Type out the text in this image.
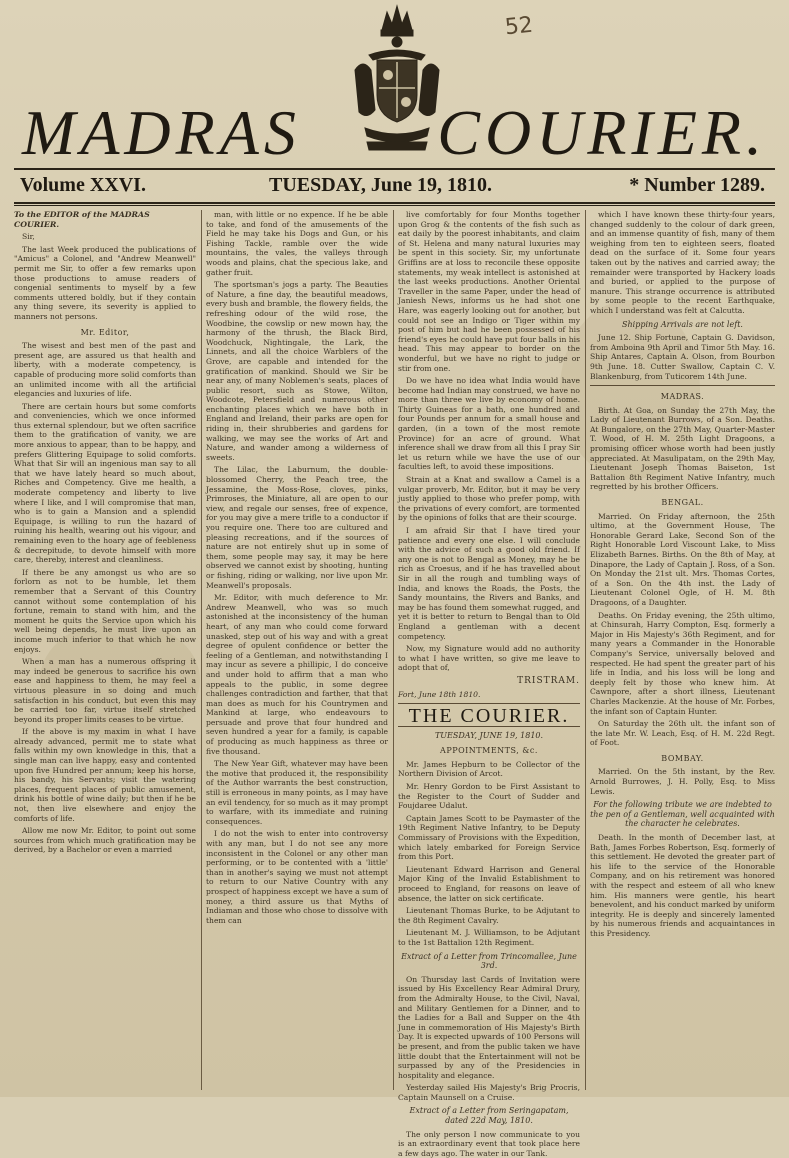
52
MADRAS COURIER.
Volume XXVI.	TUESDAY, June 19, 1810.	* Number 1289.

To the EDITOR of the MADRAS COURIER.

Sir,

The last Week produced the publications of "Amicus" a Colonel, and "Andrew Meanwell" permit me Sir, to offer a few remarks upon those productions to amuse readers of congenial sentiments to myself by a few comments uttered boldly, but if they contain any thing severe, its severity is applied to manners not persons.

Mr. Editor,

The wisest and best men of the past and present age, are assured us that health and liberty, with a moderate competency, is capable of producing more solid comforts than an unlimited income with all the artificial elegancies and luxuries of life.

There are certain hours but some comforts and conveniencies, which we once informed thus external splendour, but we often sacrifice them to the gratification of vanity, we are more anxious to appear, than to be happy, and prefers Glittering Equipage to solid comforts. What that Sir will an ingenious man say to all that we have lately heard so much about, Riches and Competency. Give me health, a moderate competency and liberty to live where I like, and I will compromise that man, who is to gain a Mansion and a splendid Equipage, is willing to run the hazard of ruining his health, wearing out his vigour, and remaining even to the hoary age of feebleness & decrepitude, to devote himself with more care, thereby, interest and cleanliness.

If there be any amongst us who are so forlorn as not to be humble, let them remember that a Servant of this Country cannot without some contemplation of his fortune, remain to stand with him, and the moment he quits the Service upon which his well being depends, he must live upon an income much inferior to that which he now enjoys.

When a man has a numerous offspring it may indeed be generous to sacrifice his own ease and happiness to them, he may feel a virtuous pleasure in so doing and much satisfaction in his conduct, but even this may be carried too far, virtue itself stretched beyond its proper limits ceases to be virtue.

If the above is my maxim in what I have already advanced, permit me to state what falls within my own knowledge in this, that a single man can live happy, easy and contented upon five Hundred per annum; keep his horse, his bandy, his Servants; visit the watering places, frequent places of public amusement, drink his bottle of wine daily; but then if he be not, then live elsewhere and enjoy the comforts of life.

Allow me now Mr. Editor, to point out some sources from which much gratification may be derived, by a Bachelor or even a married

man, with little or no expence. If he be able to take, and fond of the amusements of the Field he may take his Dogs and Gun, or his Fishing Tackle, ramble over the wide mountains, the vales, the valleys through woods and plains, chat the specious lake, and gather fruit.

The sportsman's jogs a party. The Beauties of Nature, a fine day, the beautiful meadows, every bush and bramble, the flowery fields, the refreshing odour of the wild rose, the Woodbine, the cowslip or new mown hay, the harmony of the thrush, the Black Bird, Woodchuck, Nightingale, the Lark, the Linnets, and all the choice Warblers of the Grove, are capable and intended for the gratification of mankind. Should we Sir be near any, of many Noblemen's seats, places of public resort, such as Stowe, Wilton, Woodcote, Petersfield and numerous other enchanting places which we have both in England and Ireland, their parks are open for riding in, their shrubberies and gardens for walking, we may see the works of Art and Nature, and wander among a wilderness of sweets.

The Lilac, the Laburnum, the double-blossomed Cherry, the Peach tree, the Jessamine, the Moss-Rose, cloves, pinks, Primroses, the Miniature, all are open to our view, and regale our senses, free of expence, for you may give a mere trifle to a conductor if you require one. There too are cultured and pleasing recreations, and if the sources of nature are not entirely shut up in some of them, some people may say, it may be here observed we cannot exist by shooting, hunting or fishing, riding or walking, nor live upon Mr. Meanwell's proposals.

Mr. Editor, with much deference to Mr. Andrew Meanwell, who was so much astonished at the inconsistency of the human heart, of any man who could come forward unasked, step out of his way and with a great degree of opulent confidence or better the feeling of a Gentleman, and notwithstanding I may incur as severe a phillipic, I do conceive and under hold to affirm that a man who appeals to the public, in some degree challenges contradiction and farther, that that man does as much for his Countrymen and Mankind at large, who endeavours to persuade and prove that four hundred and seven hundred a year for a family, is capable of producing as much happiness as three or five thousand.

The New Year Gift, whatever may have been the motive that produced it, the responsibility of the Author warrants the best construction, still is erroneous in many points, as I may have an evil tendency, for so much as it may prompt to warfare, with its immediate and ruining consequences.

I do not the wish to enter into controversy with any man, but I do not see any more inconsistent in the Colonel or any other man performing, or to be contented with a 'little' than in another's saying we must not attempt to return to our Native Country with any prospect of happiness except we have a sum of money, a third assure us that Myths of Indiaman and those who chose to dissolve with them can

live comfortably for four Months together upon Grog & the contents of the fish such as eat daily by the poorest inhabitants, and claim of St. Helena and many natural luxuries may be spent in this society. Sir, my unfortunate Griffins are at loss to reconcile these opposite statements, my weak intellect is astonished at the last weeks productions. Another Oriental Traveller in the same Paper, under the head of Janiesh News, informs us he had shot one Hare, was eagerly looking out for another, but could not see an Indigo or Tiger within my post of him but had he been possessed of his friend's eyes he could have put four balls in his head. This may appear to border on the wonderful, but we have no right to judge or stir from one.

Do we have no idea what India would have become had Indian may construed, we have no more than three we live by economy of home. Thirty Guineas for a bath, one hundred and four Pounds per annum for a small house and garden, (in a town of the most remote Province) for an acre of ground. What inference shall we draw from all this I pray Sir let us return while we have the use of our faculties left, to avoid these impositions.

Strain at a Knat and swallow a Camel is a vulgar proverb, Mr. Editor, but it may be very justly applied to those who prefer pomp, with the privations of every comfort, are tormented by the opinions of folks that are their scourge.

I am afraid Sir that I have tired your patience and every one else. I will conclude with the advice of such a good old friend. If any one is not to Bengal as Money, may he be rich as Croesus, and if he has travelled about Sir in all the rough and tumbling ways of India, and knows the Roads, the Posts, the Sandy mountains, the Rivers and Banks, and may be has found them somewhat rugged, and yet it is better to return to Bengal than to Old England a gentleman with a decent competency.

Now, my Signature would add no authority to what I have written, so give me leave to adopt that of,

TRISTRAM.

Fort, June 18th 1810.

THE COURIER.

TUESDAY, JUNE 19, 1810.

APPOINTMENTS, &c.

Mr. James Hepburn to be Collector of the Northern Division of Arcot.

Mr. Henry Gordon to be First Assistant to the Register to the Court of Sudder and Foujdaree Udalut.

Captain James Scott to be Paymaster of the 19th Regiment Native Infantry, to be Deputy Commissary of Provisions with the Expedition, which lately embarked for Foreign Service from this Port.

Lieutenant Edward Harrison and General Major King of the Invalid Establishment to proceed to England, for reasons on leave of absence, the latter on sick certificate.

Lieutenant Thomas Burke, to be Adjutant to the 8th Regiment Cavalry.

Lieutenant M. J. Williamson, to be Adjutant to the 1st Battalion 12th Regiment.

Extract of a Letter from Trincomallee, June 3rd.

On Thursday last Cards of Invitation were issued by His Excellency Rear Admiral Drury, from the Admiralty House, to the Civil, Naval, and Military Gentlemen for a Dinner, and to the Ladies for a Ball and Supper on the 4th June in commemoration of His Majesty's Birth Day. It is expected upwards of 100 Persons will be present, and from the public taken we have little doubt that the Entertainment will not be surpassed by any of the Presidencies in hospitality and elegance.

Yesterday sailed His Majesty's Brig Procris, Captain Maunsell on a Cruise.

Extract of a Letter from Seringapatam, dated 22d May, 1810.

The only person I now communicate to you is an extraordinary event that took place here a few days ago. The water in our Tank.

which I have known these thirty-four years, changed suddenly to the colour of dark green, and an immense quantity of fish, many of them weighing from ten to eighteen seers, floated dead on the surface of it. Some four years taken out by the natives and carried away; the remainder were transported by Hackery loads and buried, or applied to the purpose of manure. This strange occurrence is attributed by some people to the recent Earthquake, which I understand was felt at Calcutta.

Shipping Arrivals are not left.

June 12. Ship Fortune, Captain G. Davidson, from Amboina 9th April and Timor 5th May. 16. Ship Antares, Captain A. Olson, from Bourbon 9th June. 18. Cutter Swallow, Captain C. V. Blankenburg, from Tuticorem 14th June.

MADRAS.

Birth. At Goa, on Sunday the 27th May, the Lady of Lieutenant Burrows, of a Son. Deaths. At Bungalore, on the 27th May, Quarter-Master T. Wood, of H. M. 25th Light Dragoons, a promising officer whose worth had been justly appreciated. At Masulipatam, on the 29th May, Lieutenant Joseph Thomas Baiseton, 1st Battalion 8th Regiment Native Infantry, much regretted by his brother Officers.

BENGAL.

Married. On Friday afternoon, the 25th ultimo, at the Government House, The Honorable Gerard Lake, Second Son of the Right Honorable Lord Viscount Lake, to Miss Elizabeth Barnes. Births. On the 8th of May, at Dinapore, the Lady of Captain J. Ross, of a Son. On Monday the 21st ult. Mrs. Thomas Cortes, of a Son. On the 4th inst. the Lady of Lieutenant Colonel Ogle, of H. M. 8th Dragoons, of a Daughter.

Deaths. On Friday evening, the 25th ultimo, at Chinsurah, Harry Compton, Esq. formerly a Major in His Majesty's 36th Regiment, and for many years a Commander in the Honorable Company's Service, universally beloved and respected. He had spent the greater part of his life in India, and his loss will be long and deeply felt by those who knew him. At Cawnpore, after a short illness, Lieutenant Charles Mackenzie. At the house of Mr. Forbes, the infant son of Captain Hunter.

On Saturday the 26th ult. the infant son of the late Mr. W. Leach, Esq. of H. M. 22d Regt. of Foot.

BOMBAY.

Married. On the 5th instant, by the Rev. Arnold Burrowes, J. H. Polly, Esq. to Miss Lewis.

For the following tribute we are indebted to the pen of a Gentleman, well acquainted with the character he celebrates.

Death. In the month of December last, at Bath, James Forbes Robertson, Esq. formerly of this settlement. He devoted the greater part of his life to the service of the Honorable Company, and on his retirement was honored with the respect and esteem of all who knew him. His manners were gentle, his heart benevolent, and his conduct marked by uniform integrity. He is deeply and sincerely lamented by his numerous friends and acquaintances in this Presidency.
